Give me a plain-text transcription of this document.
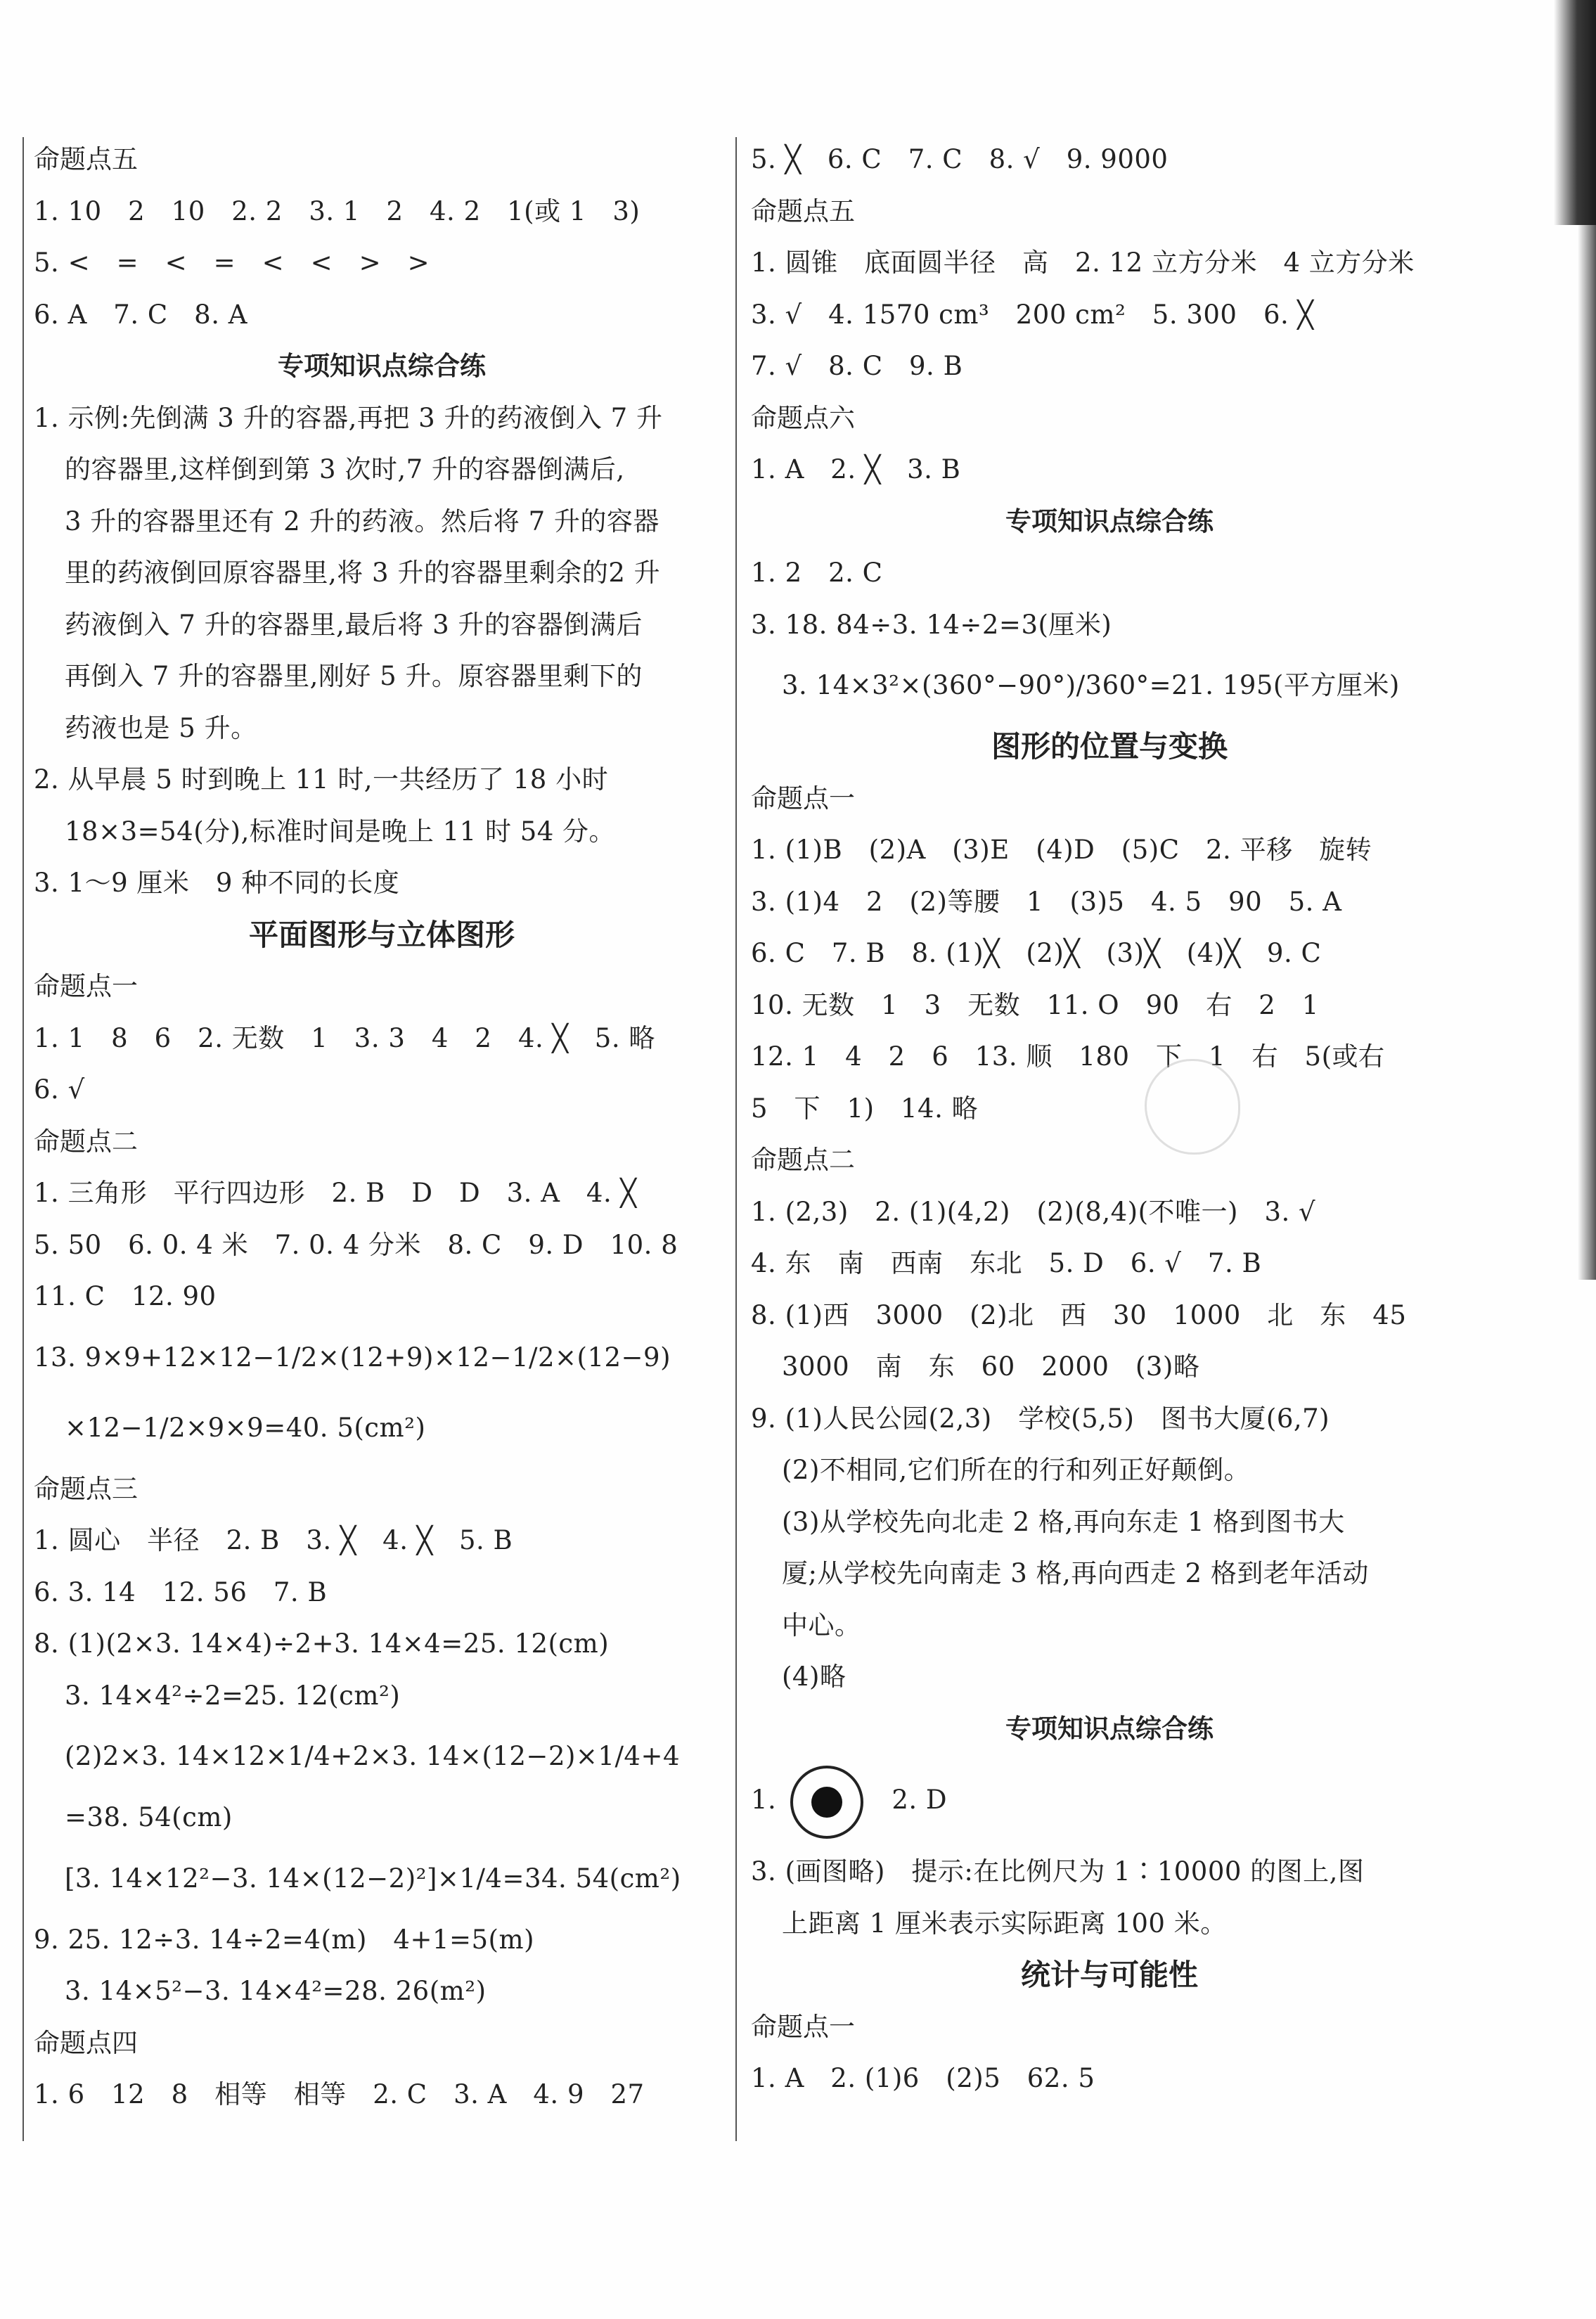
命题点五
1. 10　2　10　2. 2　3. 1　2　4. 2　1(或 1　3)
5. <　=　<　=　<　<　>　>
6. A　7. C　8. A
专项知识点综合练
1. 示例:先倒满 3 升的容器,再把 3 升的药液倒入 7 升
的容器里,这样倒到第 3 次时,7 升的容器倒满后,
3 升的容器里还有 2 升的药液。然后将 7 升的容器
里的药液倒回原容器里,将 3 升的容器里剩余的2 升
药液倒入 7 升的容器里,最后将 3 升的容器倒满后
再倒入 7 升的容器里,刚好 5 升。原容器里剩下的
药液也是 5 升。
2. 从早晨 5 时到晚上 11 时,一共经历了 18 小时
18×3=54(分),标准时间是晚上 11 时 54 分。
3. 1～9 厘米　9 种不同的长度
平面图形与立体图形
命题点一
1. 1　8　6　2. 无数　1　3. 3　4　2　4. ╳　5. 略
6. √
命题点二
1. 三角形　平行四边形　2. B　D　D　3. A　4. ╳
5. 50　6. 0. 4 米　7. 0. 4 分米　8. C　9. D　10. 8
11. C　12. 90
13. 9×9+12×12−1/2×(12+9)×12−1/2×(12−9)
×12−1/2×9×9=40. 5(cm²)
命题点三
1. 圆心　半径　2. B　3. ╳　4. ╳　5. B
6. 3. 14　12. 56　7. B
8. (1)(2×3. 14×4)÷2+3. 14×4=25. 12(cm)
3. 14×4²÷2=25. 12(cm²)
(2)2×3. 14×12×1/4+2×3. 14×(12−2)×1/4+4
=38. 54(cm)
[3. 14×12²−3. 14×(12−2)²]×1/4=34. 54(cm²)
9. 25. 12÷3. 14÷2=4(m)　4+1=5(m)
3. 14×5²−3. 14×4²=28. 26(m²)
命题点四
1. 6　12　8　相等　相等　2. C　3. A　4. 9　27
5. ╳　6. C　7. C　8. √　9. 9000
命题点五
1. 圆锥　底面圆半径　高　2. 12 立方分米　4 立方分米
3. √　4. 1570 cm³　200 cm²　5. 300　6. ╳
7. √　8. C　9. B
命题点六
1. A　2. ╳　3. B
专项知识点综合练
1. 2　2. C
3. 18. 84÷3. 14÷2=3(厘米)
3. 14×3²×(360°−90°)/360°=21. 195(平方厘米)
图形的位置与变换
命题点一
1. (1)B　(2)A　(3)E　(4)D　(5)C　2. 平移　旋转
3. (1)4　2　(2)等腰　1　(3)5　4. 5　90　5. A
6. C　7. B　8. (1)╳　(2)╳　(3)╳　(4)╳　9. C
10. 无数　1　3　无数　11. O　90　右　2　1
12. 1　4　2　6　13. 顺　180　下　1　右　5(或右
5　下　1)　14. 略
命题点二
1. (2,3)　2. (1)(4,2)　(2)(8,4)(不唯一)　3. √
4. 东　南　西南　东北　5. D　6. √　7. B
8. (1)西　3000　(2)北　西　30　1000　北　东　45
3000　南　东　60　2000　(3)略
9. (1)人民公园(2,3)　学校(5,5)　图书大厦(6,7)
(2)不相同,它们所在的行和列正好颠倒。
(3)从学校先向北走 2 格,再向东走 1 格到图书大
厦;从学校先向南走 3 格,再向西走 2 格到老年活动
中心。
(4)略
专项知识点综合练
1.	2. D
3. (画图略)　提示:在比例尺为 1∶10000 的图上,图
上距离 1 厘米表示实际距离 100 米。
统计与可能性
命题点一
1. A　2. (1)6　(2)5　62. 5
